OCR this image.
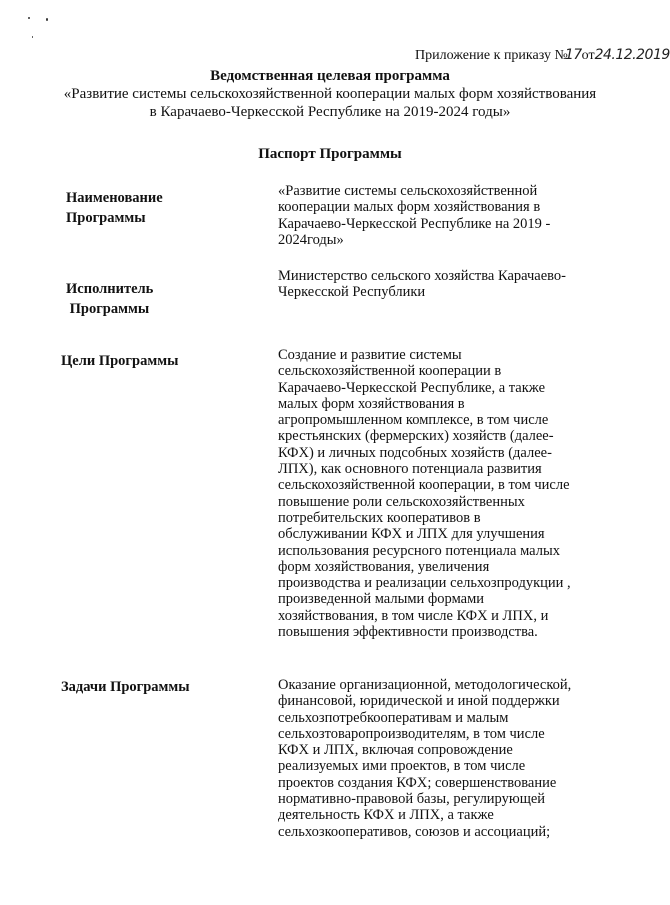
Приложение к приказу №17от24.12.2019
Ведомственная целевая программа
«Развитие системы сельскохозяйственной кооперации малых форм хозяйствования
в Карачаево-Черкесской Республике на 2019-2024 годы»
Паспорт Программы
Наименование
Программы
«Развитие системы сельскохозяйственной
кооперации малых форм хозяйствования в
Карачаево-Черкесской Республике на 2019 -
2024годы»
Исполнитель
Программы
Министерство сельского хозяйства Карачаево-
Черкесской Республики
Цели Программы	Создание и развитие системы
сельскохозяйственной кооперации в
Карачаево-Черкесской Республике, а также
малых форм хозяйствования в
агропромышленном комплексе, в том числе
крестьянских (фермерских) хозяйств (далее-
КФХ) и личных подсобных хозяйств (далее-
ЛПХ), как основного потенциала развития
сельскохозяйственной кооперации, в том числе
повышение роли сельскохозяйственных
потребительских кооперативов в
обслуживании КФХ и ЛПХ для улучшения
использования ресурсного потенциала малых
форм хозяйствования, увеличения
производства и реализации сельхозпродукции ,
произведенной малыми формами
хозяйствования, в том числе КФХ и ЛПХ, и
повышения эффективности производства.
Задачи Программы	Оказание организационной, методологической,
финансовой, юридической и иной поддержки
сельхозпотребкооперативам и малым
сельхозтоваропроизводителям, в том числе
КФХ и ЛПХ, включая сопровождение
реализуемых ими проектов, в том числе
проектов создания КФХ; совершенствование
нормативно-правовой базы, регулирующей
деятельность КФХ и ЛПХ, а также
сельхозкооперативов, союзов и ассоциаций;
